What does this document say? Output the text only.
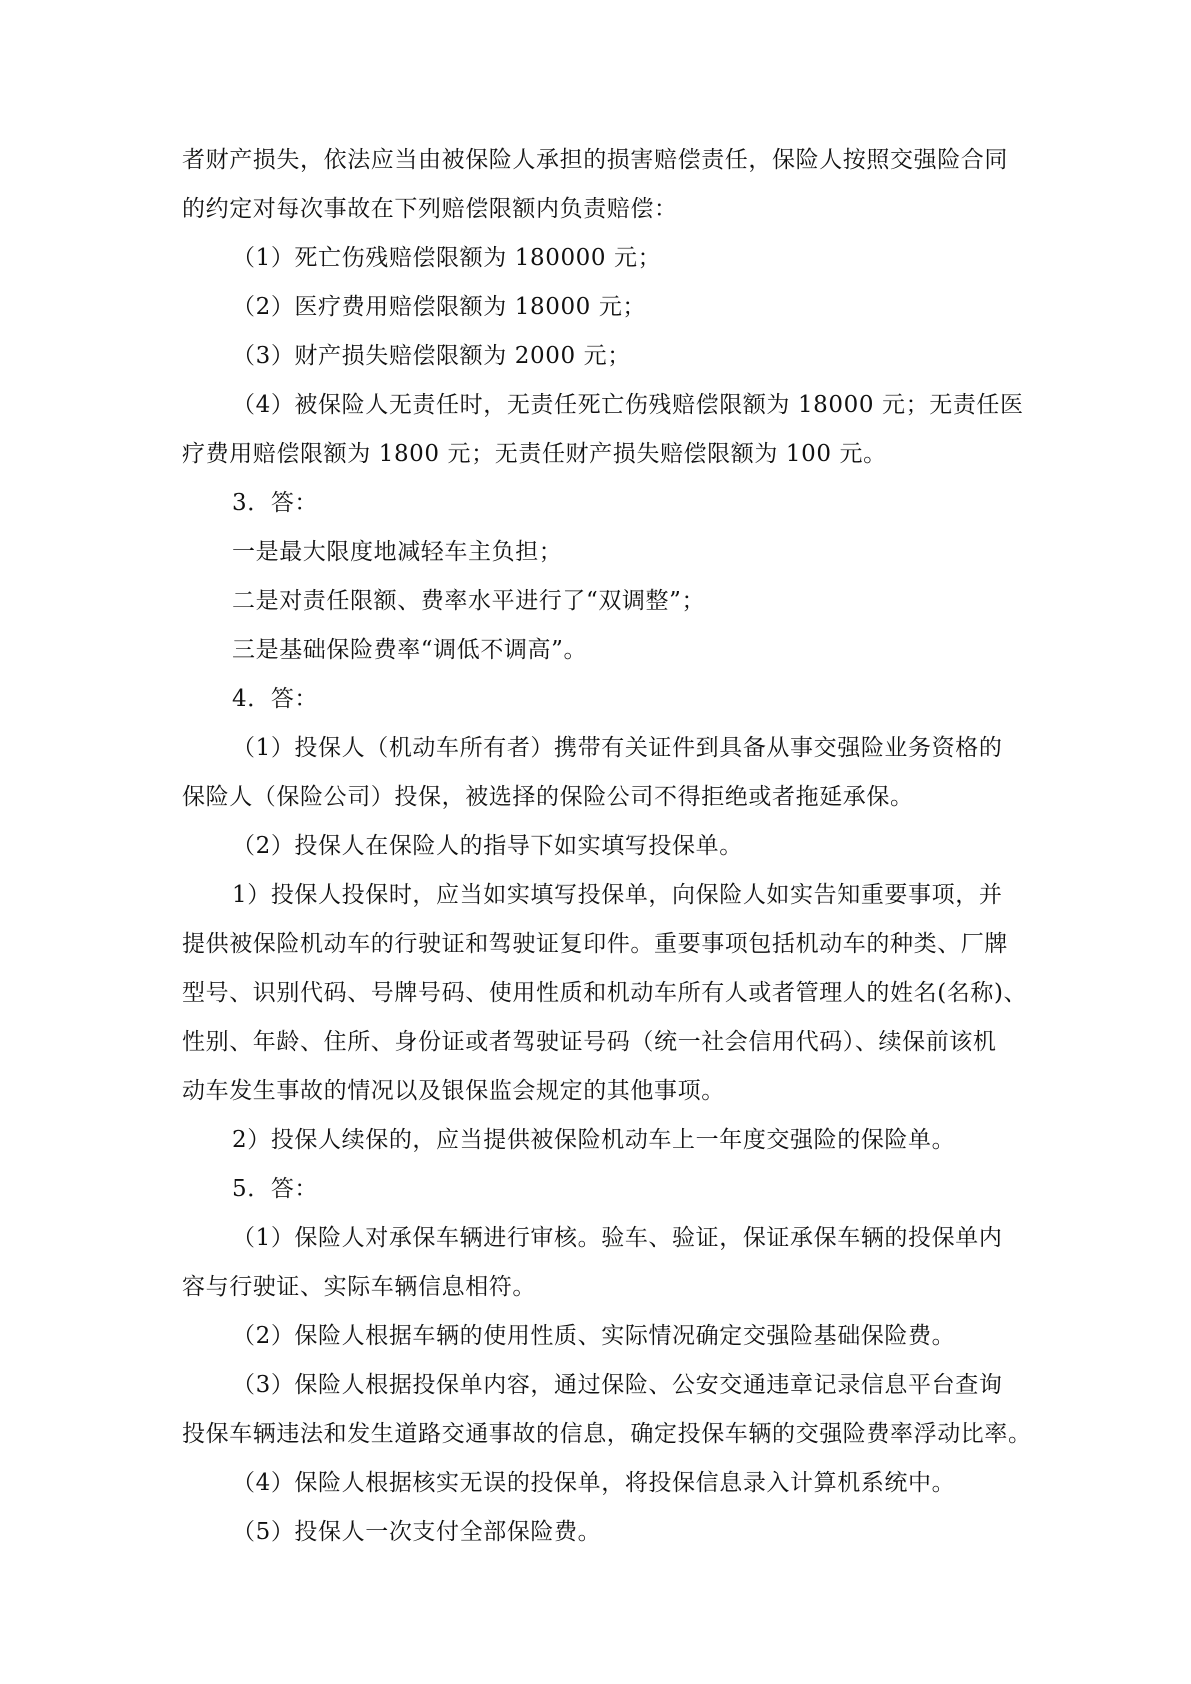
者财产损失，依法应当由被保险人承担的损害赔偿责任，保险人按照交强险合同
的约定对每次事故在下列赔偿限额内负责赔偿：
（1）死亡伤残赔偿限额为 180000 元；
（2）医疗费用赔偿限额为 18000 元；
（3）财产损失赔偿限额为 2000 元；
（4）被保险人无责任时，无责任死亡伤残赔偿限额为 18000 元；无责任医
疗费用赔偿限额为 1800 元；无责任财产损失赔偿限额为 100 元。
3．答：
一是最大限度地减轻车主负担；
二是对责任限额、费率水平进行了“双调整”；
三是基础保险费率“调低不调高”。
4．答：
（1）投保人（机动车所有者）携带有关证件到具备从事交强险业务资格的
保险人（保险公司）投保，被选择的保险公司不得拒绝或者拖延承保。
（2）投保人在保险人的指导下如实填写投保单。
1）投保人投保时，应当如实填写投保单，向保险人如实告知重要事项，并
提供被保险机动车的行驶证和驾驶证复印件。重要事项包括机动车的种类、厂牌
型号、识别代码、号牌号码、使用性质和机动车所有人或者管理人的姓名(名称)、
性别、年龄、住所、身份证或者驾驶证号码（统一社会信用代码）、续保前该机
动车发生事故的情况以及银保监会规定的其他事项。
2）投保人续保的，应当提供被保险机动车上一年度交强险的保险单。
5．答：
（1）保险人对承保车辆进行审核。验车、验证，保证承保车辆的投保单内
容与行驶证、实际车辆信息相符。
（2）保险人根据车辆的使用性质、实际情况确定交强险基础保险费。
（3）保险人根据投保单内容，通过保险、公安交通违章记录信息平台查询
投保车辆违法和发生道路交通事故的信息，确定投保车辆的交强险费率浮动比率。
（4）保险人根据核实无误的投保单，将投保信息录入计算机系统中。
（5）投保人一次支付全部保险费。
